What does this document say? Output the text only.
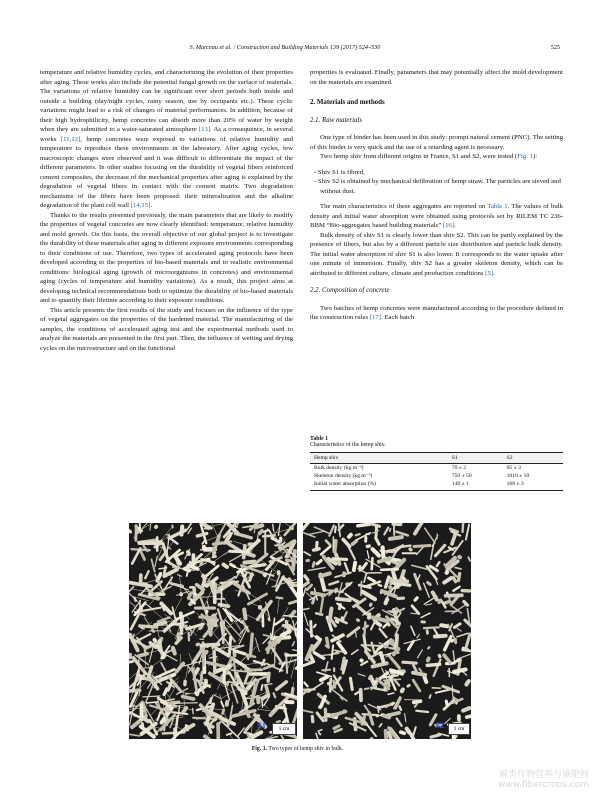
S. Marceau et al. / Construction and Building Materials 139 (2017) 524–530	525

temperature and relative humidity cycles, and characterizing the evolution of their properties after aging. These works also include the potential fungal growth on the surface of materials. The variations of relative humidity can be significant over short periods both inside and outside a building (day/night cycles, rainy season, use by occupants etc.). These cyclic variations might lead to a risk of changes of material performances. In addition, because of their high hydrophilicity, hemp concretes can absorb more than 20% of water by weight when they are submitted to a water-saturated atmosphere [13]. As a consequence, in several works [11,12], hemp concretes were exposed to variations of relative humidity and temperature to reproduce these environments in the laboratory. After aging cycles, few macroscopic changes were observed and it was difficult to differentiate the impact of the different parameters. In other studies focusing on the durability of vegetal fibers reinforced cement composites, the decrease of the mechanical properties after aging is explained by the degradation of vegetal fibers in contact with the cement matrix. Two degradation mechanisms of the fibers have been proposed: their mineralization and the alkaline degradation of the plant cell wall [14,15].

Thanks to the results presented previously, the main parameters that are likely to modify the properties of vegetal concretes are now clearly identified: temperature, relative humidity and mold growth. On this basis, the overall objective of our global project is to investigate the durability of these materials after aging in different exposure environments corresponding to their conditions of use. Therefore, two types of accelerated aging protocols have been developed according to the properties of bio-based materials and to realistic environmental conditions: biological aging (growth of microorganisms in concretes) and environmental aging (cycles of temperature and humidity variations). As a result, this project aims at developing technical recommendations both to optimize the durability of bio-based materials and to quantify their lifetime according to their exposure conditions.

This article presents the first results of the study and focuses on the influence of the type of vegetal aggregates on the properties of the hardened material. The manufacturing of the samples, the conditions of accelerated aging test and the experimental methods used to analyze the materials are presented in the first part. Then, the influence of wetting and drying cycles on the microstructure and on the functional

properties is evaluated. Finally, parameters that may potentially affect the mold development on the materials are examined.

2. Materials and methods

2.1. Raw materials

One type of binder has been used in this study: prompt natural cement (PNC). The setting of this binder is very quick and the use of a retarding agent is necessary.

Two hemp shiv from different origins in France, S1 and S2, were tested (Fig. 1):

- Shiv S1 is fibred,
- Shiv S2 is obtained by mechanical defibration of hemp straw. The particles are sieved and without dust.

The main characteristics of these aggregates are reported on Table 1. The values of bulk density and initial water absorption were obtained using protocols set by RILEM TC 236-BBM “Bio-aggregates based building materials” [16].

Bulk density of shiv S1 is clearly lower than shiv S2. This can be partly explained by the presence of fibers, but also by a different particle size distribution and particle bulk density. The initial water absorption of shiv S1 is also lower. It corresponds to the water uptake after one minute of immersion. Finally, shiv S2 has a greater skeleton density, which can be attributed to different culture, climate and production conditions [5].

2.2. Composition of concrete

Two batches of hemp concretes were manufactured according to the procedure defined in the construction rules [17]. Each batch

Table 1
Characteristics of the hemp shiv.
Hemp shiv	S1	S2
Bulk density (kg.m⁻³)	70 ± 2	95 ± 3
Skeleton density (kg.m⁻³)	750 ± 50	1010 ± 50
Initial water absorption (%)	148 ± 1	168 ± 3
S1	1 cm	S2	1 cm
Fig. 1. Two types of hemp shiv in bulk.
麻类作物营养与施肥网
www.fibercrops.com
